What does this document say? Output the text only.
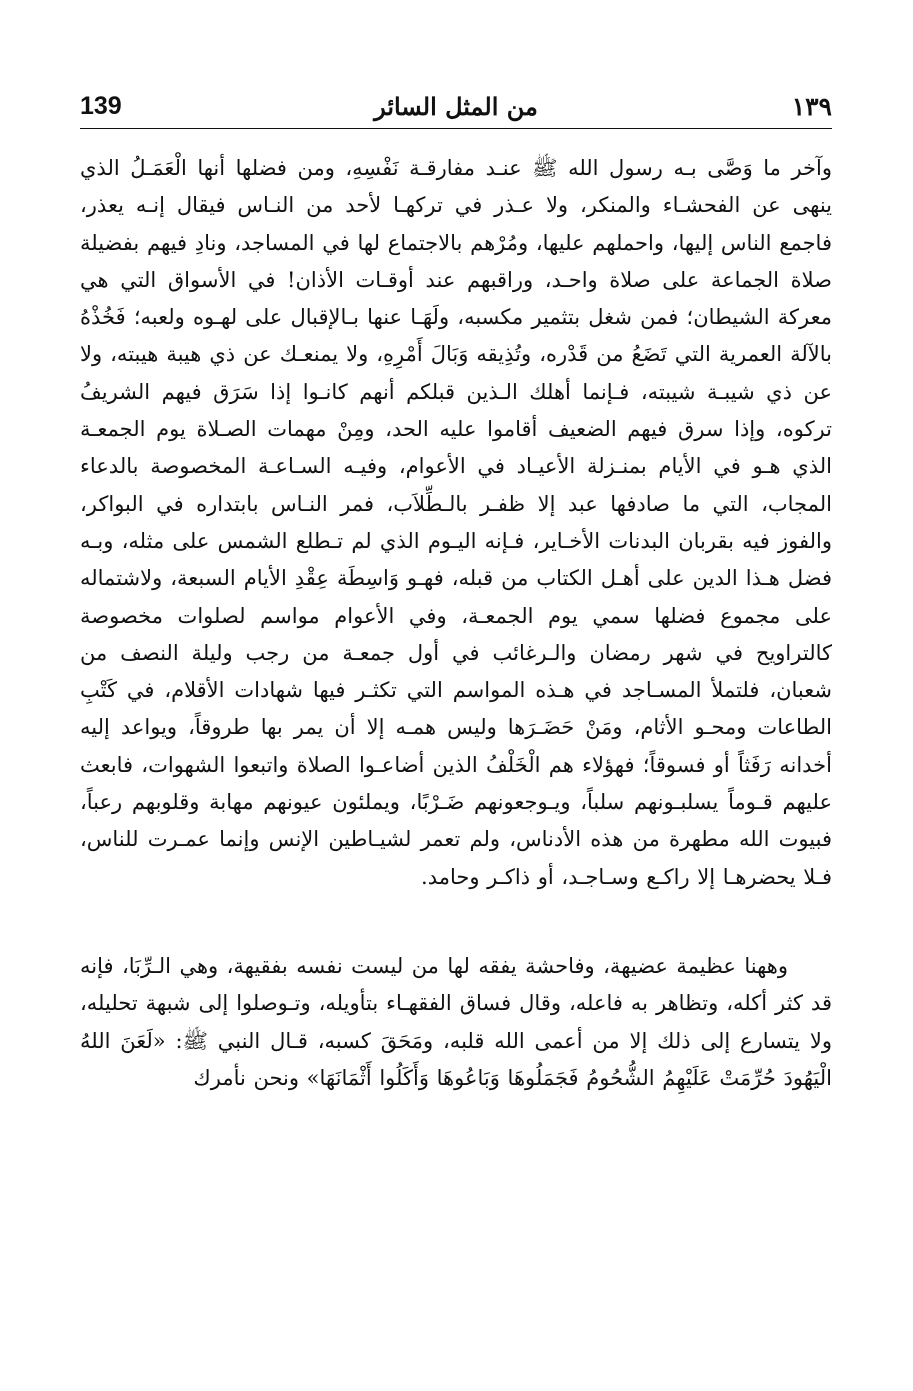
139	من المثل السائر	١٣٩

وآخر ما وَصَّى بـه رسول الله ﷺ عنـد مفارقـة نَفْسِهِ، ومن فضلها أنها الْعَمَـلُ الذي ينهى عن الفحشـاء والمنكر، ولا عـذر في تركهـا لأحد من النـاس فيقال إنـه يعذر، فاجمع الناس إليها، واحملهم عليها، ومُرْهم بالاجتماع لها في المساجد، ونادِ فيهم بفضيلة صلاة الجماعة على صلاة واحـد، وراقبهم عند أوقـات الأذان! في الأسواق التي هي معركة الشيطان؛ فمن شغل بتثمير مكسبه، ولَهَـا عنها بـالإقبال على لهـوه ولعبه؛ فَخُذْهُ بالآلة العمرية التي تَضَعُ من قَدْره، وتُذِيقه وَبَالَ أَمْرِهِ، ولا يمنعـك عن ذي هيبة هيبته، ولا عن ذي شيبـة شيبته، فـإنما أهلك الـذين قبلكم أنهم كانـوا إذا سَرَق فيهم الشريفُ تركوه، وإذا سرق فيهم الضعيف أقاموا عليه الحد، ومِنْ مهمات الصـلاة يوم الجمعـة الذي هـو في الأيام بمنـزلة الأعيـاد في الأعوام، وفيـه السـاعـة المخصوصة بالدعاء المجاب، التي ما صادفها عبد إلا ظفـر بالـطِّلاَب، فمر النـاس بابتداره في البواكر، والفوز فيه بقربان البدنات الأخـاير، فـإنه اليـوم الذي لم تـطلع الشمس على مثله، وبـه فضل هـذا الدين على أهـل الكتاب من قبله، فهـو وَاسِطَة عِقْدِ الأيام السبعة، ولاشتماله على مجموع فضلها سمي يوم الجمعـة، وفي الأعوام مواسم لصلوات مخصوصة كالتراويح في شهر رمضان والـرغائب في أول جمعـة من رجب وليلة النصف من شعبان، فلتملأ المسـاجد في هـذه المواسم التي تكثـر فيها شهادات الأقلام، في كَتْبِ الطاعات ومحـو الأثام، ومَنْ حَضَـرَها وليس همـه إلا أن يمر بها طروقاً، ويواعد إليه أخدانه رَفَثاً أو فسوقاً؛ فهؤلاء هم الْخَلْفُ الذين أضاعـوا الصلاة واتبعوا الشهوات، فابعث عليهم قـوماً يسلبـونهم سلباً، ويـوجعونهم ضَـرْبًا، ويملئون عيونهم مهابة وقلوبهم رعباً، فبيوت الله مطهرة من هذه الأدناس، ولم تعمر لشيـاطين الإنس وإنما عمـرت للناس، فـلا يحضرهـا إلا راكـع وسـاجـد، أو ذاكـر وحامد.

وههنا عظيمة عضيهة، وفاحشة يفقه لها من ليست نفسه بفقيهة، وهي الـرِّبَا، فإنه قد كثر أكله، وتظاهر به فاعله، وقال فساق الفقهـاء بتأويله، وتـوصلوا إلى شبهة تحليله، ولا يتسارع إلى ذلك إلا من أعمى الله قلبه، ومَحَقَ كسبه، قـال النبي ﷺ: «لَعَنَ اللهُ الْيَهُودَ حُرِّمَتْ عَلَيْهِمُ الشُّحُومُ فَجَمَلُوهَا وَبَاعُوهَا وَأَكَلُوا أَثْمَانَهَا» ونحن نأمرك
